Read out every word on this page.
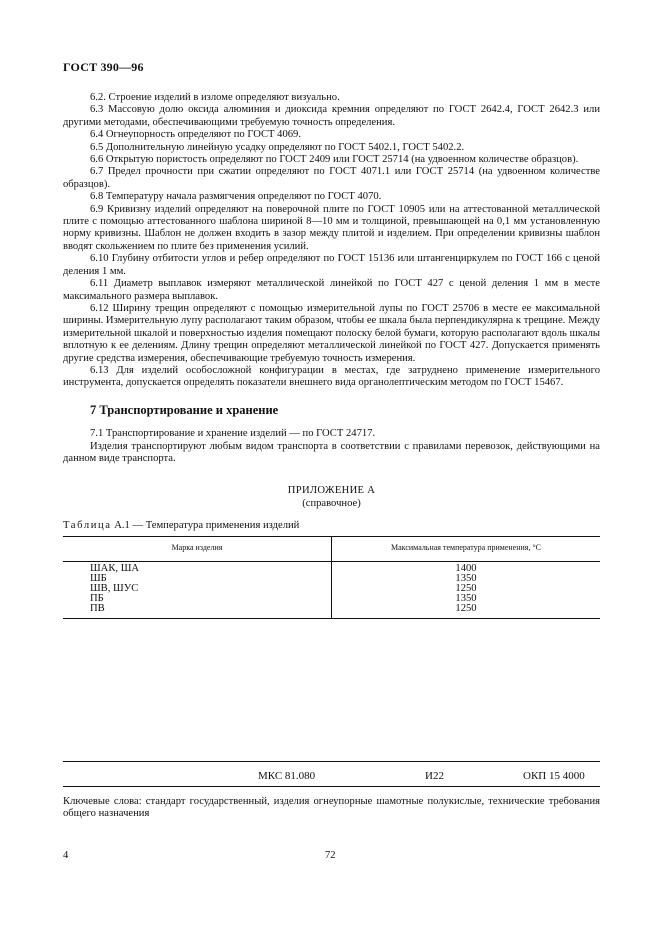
ГОСТ 390—96

6.2. Строение изделий в изломе определяют визуально.

6.3 Массовую долю оксида алюминия и диоксида кремния определяют по ГОСТ 2642.4, ГОСТ 2642.3 или другими методами, обеспечивающими требуемую точность определения.

6.4 Огнеупорность определяют по ГОСТ 4069.

6.5 Дополнительную линейную усадку определяют по ГОСТ 5402.1, ГОСТ 5402.2.

6.6 Открытую пористость определяют по ГОСТ 2409 или ГОСТ 25714 (на удвоенном количестве образцов).

6.7 Предел прочности при сжатии определяют по ГОСТ 4071.1 или ГОСТ 25714 (на удвоенном количестве образцов).

6.8 Температуру начала размягчения определяют по ГОСТ 4070.

6.9 Кривизну изделий определяют на поверочной плите по ГОСТ 10905 или на аттестованной металлической плите с помощью аттестованного шаблона шириной 8—10 мм и толщиной, превышающей на 0,1 мм установленную норму кривизны. Шаблон не должен входить в зазор между плитой и изделием. При определении кривизны шаблон вводят скольжением по плите без применения усилий.

6.10 Глубину отбитости углов и ребер определяют по ГОСТ 15136 или штангенциркулем по ГОСТ 166 с ценой деления 1 мм.

6.11 Диаметр выплавок измеряют металлической линейкой по ГОСТ 427 с ценой деления 1 мм в месте максимального размера выплавок.

6.12 Ширину трещин определяют с помощью измерительной лупы по ГОСТ 25706 в месте ее максимальной ширины. Измерительную лупу располагают таким образом, чтобы ее шкала была перпендикулярна к трещине. Между измерительной шкалой и поверхностью изделия помещают полоску белой бумаги, которую располагают вдоль шкалы вплотную к ее делениям. Длину трещин определяют металлической линейкой по ГОСТ 427. Допускается применять другие средства измерения, обеспечивающие требуемую точность измерения.

6.13 Для изделий особосложной конфигурации в местах, где затруднено применение измерительного инструмента, допускается определять показатели внешнего вида органолептическим методом по ГОСТ 15467.

7 Транспортирование и хранение

7.1 Транспортирование и хранение изделий — по ГОСТ 24717.

Изделия транспортируют любым видом транспорта в соответствии с правилами перевозок, действующими на данном виде транспорта.

ПРИЛОЖЕНИЕ А
(справочное)
Таблица А.1 — Температура применения изделий
Марка изделия	Максимальная температура применения, °С
ШАК, ША	1400
ШБ	1350
ШВ, ШУС	1250
ПБ	1350
ПВ	1250
МКС 81.080	И22	ОКП 15 4000
Ключевые слова: стандарт государственный, изделия огнеупорные шамотные полукислые, технические требования общего назначения
4	72
